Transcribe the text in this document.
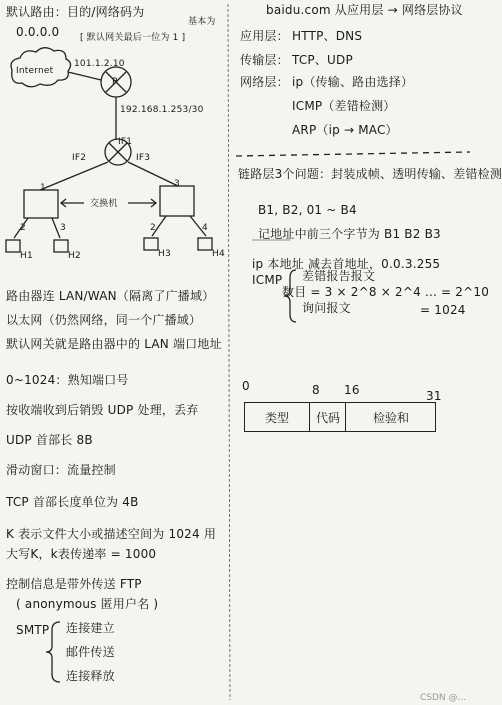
默认路由：目的/网络码为
基本为
0.0.0.0 [ 默认网关最后一位为 1 ]
Internet
101.1.2.10
R
192.168.1.253/30
IF1
IF2	IF3
交换机
1
2	3	2
3
4
H1	H2	H3	H4
路由器连 LAN/WAN（隔离了广播域）
以太网（仍然网络，同一个广播域）
默认网关就是路由器中的 LAN 端口地址
0~1024：熟知端口号
按收端收到后销毁 UDP 处理，丢弃
UDP 首部长 8B
滑动窗口：流量控制
TCP 首部长度单位为 4B
K 表示文件大小或描述空间为 1024 用
大写K，k表传递率 = 1000
控制信息是带外传送 FTP
( anonymous 匿用户名 )
SMTP 连接建立
邮件传送
连接释放
baidu.com 从应用层 → 网络层协议
应用层： HTTP、DNS
传输层： TCP、UDP
网络层： ip（传输、路由选择）
ICMP（差错检测）
ARP（ip → MAC）
链路层3个问题：封装成帧、透明传输、差错检测
B1, B2, 01 ~ B4
记地址中前三个字节为 B1 B2 B3
ip 本地址 减去首地址，0.0.3.255
数目 = 3 × 2^8 × 2^4 ... = 2^10
= 1024
ICMP 差错报告报文
询问报文
0	8 16	31
类型	代码	检验和
CSDN @...
